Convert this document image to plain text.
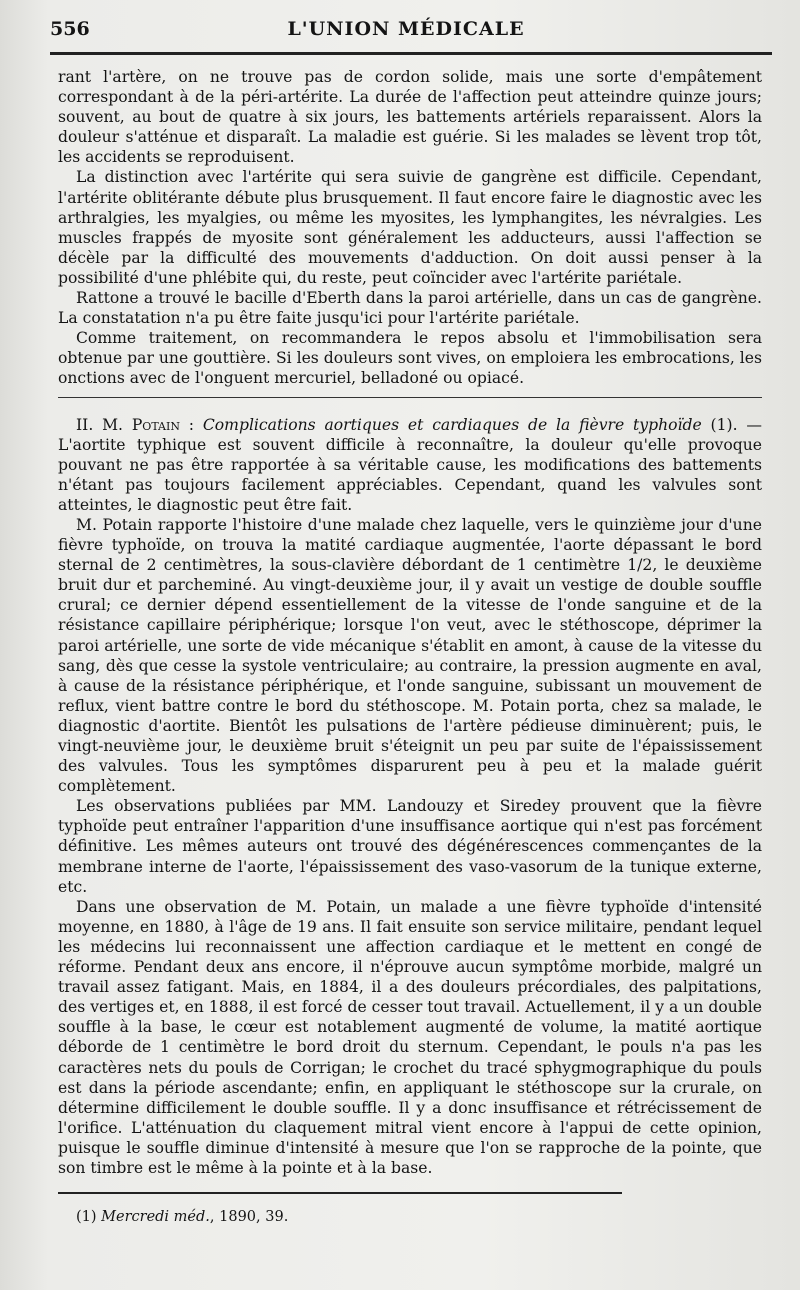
556	L'UNION MÉDICALE

rant l'artère, on ne trouve pas de cordon solide, mais une sorte d'empâtement correspondant à de la péri-artérite. La durée de l'affection peut atteindre quinze jours; souvent, au bout de quatre à six jours, les battements artériels reparaissent. Alors la douleur s'atténue et disparaît. La maladie est guérie. Si les malades se lèvent trop tôt, les accidents se reproduisent.

La distinction avec l'artérite qui sera suivie de gangrène est difficile. Cependant, l'artérite oblitérante débute plus brusquement. Il faut encore faire le diagnostic avec les arthralgies, les myalgies, ou même les myosites, les lymphangites, les névralgies. Les muscles frappés de myosite sont généralement les adducteurs, aussi l'affection se décèle par la difficulté des mouvements d'adduction. On doit aussi penser à la possibilité d'une phlébite qui, du reste, peut coïncider avec l'artérite pariétale.

Rattone a trouvé le bacille d'Eberth dans la paroi artérielle, dans un cas de gangrène. La constatation n'a pu être faite jusqu'ici pour l'artérite pariétale.

Comme traitement, on recommandera le repos absolu et l'immobilisation sera obtenue par une gouttière. Si les douleurs sont vives, on emploiera les embrocations, les onctions avec de l'onguent mercuriel, belladoné ou opiacé.

II. M. Potain : Complications aortiques et cardiaques de la fièvre typhoïde (1). — L'aortite typhique est souvent difficile à reconnaître, la douleur qu'elle provoque pouvant ne pas être rapportée à sa véritable cause, les modifications des battements n'étant pas toujours facilement appréciables. Cependant, quand les valvules sont atteintes, le diagnostic peut être fait.

M. Potain rapporte l'histoire d'une malade chez laquelle, vers le quinzième jour d'une fièvre typhoïde, on trouva la matité cardiaque augmentée, l'aorte dépassant le bord sternal de 2 centimètres, la sous-clavière débordant de 1 centimètre 1/2, le deuxième bruit dur et parcheminé. Au vingt-deuxième jour, il y avait un vestige de double souffle crural; ce dernier dépend essentiellement de la vitesse de l'onde sanguine et de la résistance capillaire périphérique; lorsque l'on veut, avec le stéthoscope, déprimer la paroi artérielle, une sorte de vide mécanique s'établit en amont, à cause de la vitesse du sang, dès que cesse la systole ventriculaire; au contraire, la pression augmente en aval, à cause de la résistance périphérique, et l'onde sanguine, subissant un mouvement de reflux, vient battre contre le bord du stéthoscope. M. Potain porta, chez sa malade, le diagnostic d'aortite. Bientôt les pulsations de l'artère pédieuse diminuèrent; puis, le vingt-neuvième jour, le deuxième bruit s'éteignit un peu par suite de l'épaississement des valvules. Tous les symptômes disparurent peu à peu et la malade guérit complètement.

Les observations publiées par MM. Landouzy et Siredey prouvent que la fièvre typhoïde peut entraîner l'apparition d'une insuffisance aortique qui n'est pas forcément définitive. Les mêmes auteurs ont trouvé des dégénérescences commençantes de la membrane interne de l'aorte, l'épaississement des vaso-vasorum de la tunique externe, etc.

Dans une observation de M. Potain, un malade a une fièvre typhoïde d'intensité moyenne, en 1880, à l'âge de 19 ans. Il fait ensuite son service militaire, pendant lequel les médecins lui reconnaissent une affection cardiaque et le mettent en congé de réforme. Pendant deux ans encore, il n'éprouve aucun symptôme morbide, malgré un travail assez fatigant. Mais, en 1884, il a des douleurs précordiales, des palpitations, des vertiges et, en 1888, il est forcé de cesser tout travail. Actuellement, il y a un double souffle à la base, le cœur est notablement augmenté de volume, la matité aortique déborde de 1 centimètre le bord droit du sternum. Cependant, le pouls n'a pas les caractères nets du pouls de Corrigan; le crochet du tracé sphygmographique du pouls est dans la période ascendante; enfin, en appliquant le stéthoscope sur la crurale, on détermine difficilement le double souffle. Il y a donc insuffisance et rétrécissement de l'orifice. L'atténuation du claquement mitral vient encore à l'appui de cette opinion, puisque le souffle diminue d'intensité à mesure que l'on se rapproche de la pointe, que son timbre est le même à la pointe et à la base.

(1) Mercredi méd., 1890, 39.
